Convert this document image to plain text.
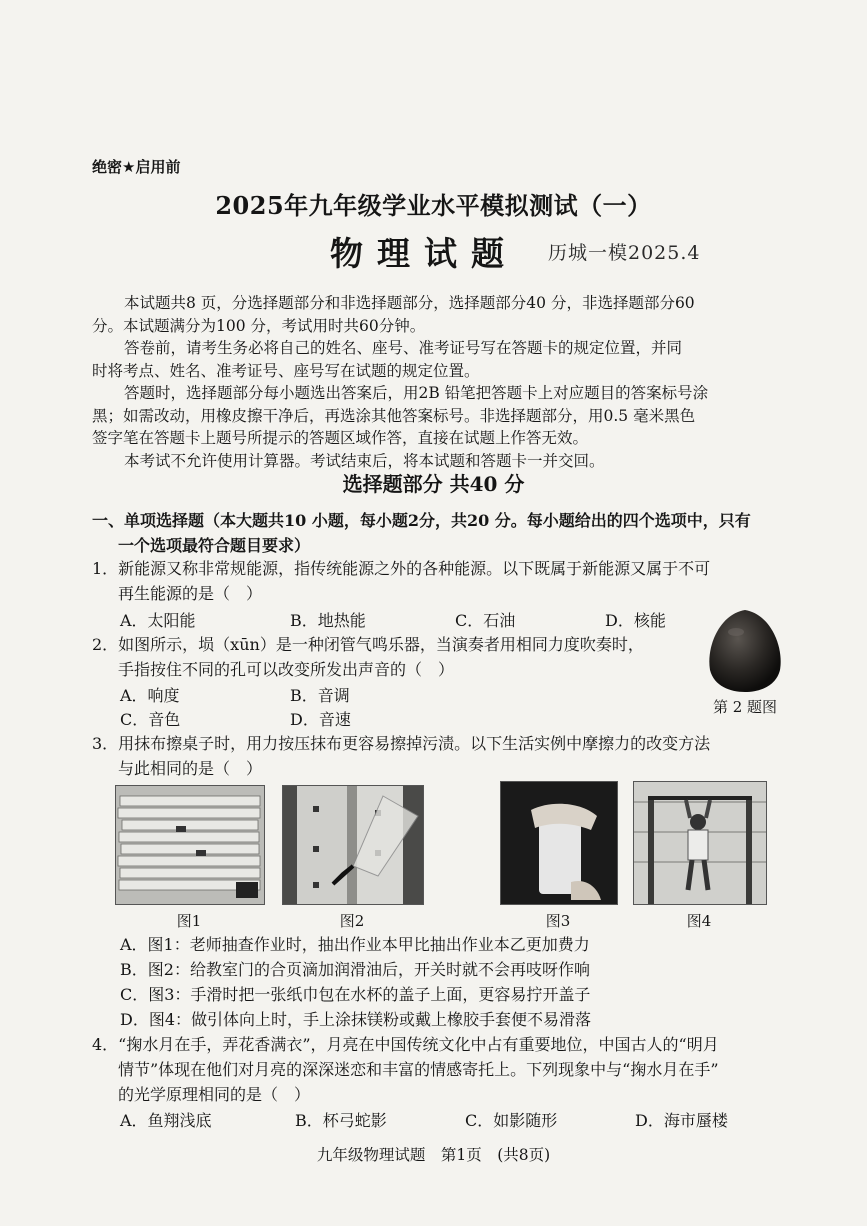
绝密★启用前
2025年九年级学业水平模拟测试（一）
物理试题 历城一模2025.4
本试题共8 页，分选择题部分和非选择题部分，选择题部分40 分，非选择题部分60
分。本试题满分为100 分，考试用时共60分钟。
答卷前，请考生务必将自己的姓名、座号、准考证号写在答题卡的规定位置，并同
时将考点、姓名、准考证号、座号写在试题的规定位置。
答题时，选择题部分每小题选出答案后，用2B 铅笔把答题卡上对应题目的答案标号涂
黑；如需改动，用橡皮擦干净后，再选涂其他答案标号。非选择题部分，用0.5 毫米黑色
签字笔在答题卡上题号所提示的答题区域作答，直接在试题上作答无效。
本考试不允许使用计算器。考试结束后，将本试题和答题卡一并交回。
选择题部分 共40 分
一、单项选择题（本大题共10 小题，每小题2分，共20 分。每小题给出的四个选项中，只有
一个选项最符合题目要求）
1．新能源又称非常规能源，指传统能源之外的各种能源。以下既属于新能源又属于不可
再生能源的是（　）
A．太阳能	B．地热能	C．石油	D．核能
2．如图所示，埙（xūn）是一种闭管气鸣乐器，当演奏者用相同力度吹奏时，
手指按住不同的孔可以改变所发出声音的（　）
A．响度	B．音调
C．音色	D．音速
第 2 题图
3．用抹布擦桌子时，用力按压抹布更容易擦掉污渍。以下生活实例中摩擦力的改变方法
与此相同的是（　）
图1	图2	图3	图4
A．图1：老师抽查作业时，抽出作业本甲比抽出作业本乙更加费力
B．图2：给教室门的合页滴加润滑油后，开关时就不会再吱呀作响
C．图3：手滑时把一张纸巾包在水杯的盖子上面，更容易拧开盖子
D．图4：做引体向上时，手上涂抹镁粉或戴上橡胶手套便不易滑落
4．“掬水月在手，弄花香满衣”，月亮在中国传统文化中占有重要地位，中国古人的“明月
情节”体现在他们对月亮的深深迷恋和丰富的情感寄托上。下列现象中与“掬水月在手”
的光学原理相同的是（　）
A．鱼翔浅底	B．杯弓蛇影	C．如影随形	D．海市蜃楼
九年级物理试题　第1页　(共8页)
